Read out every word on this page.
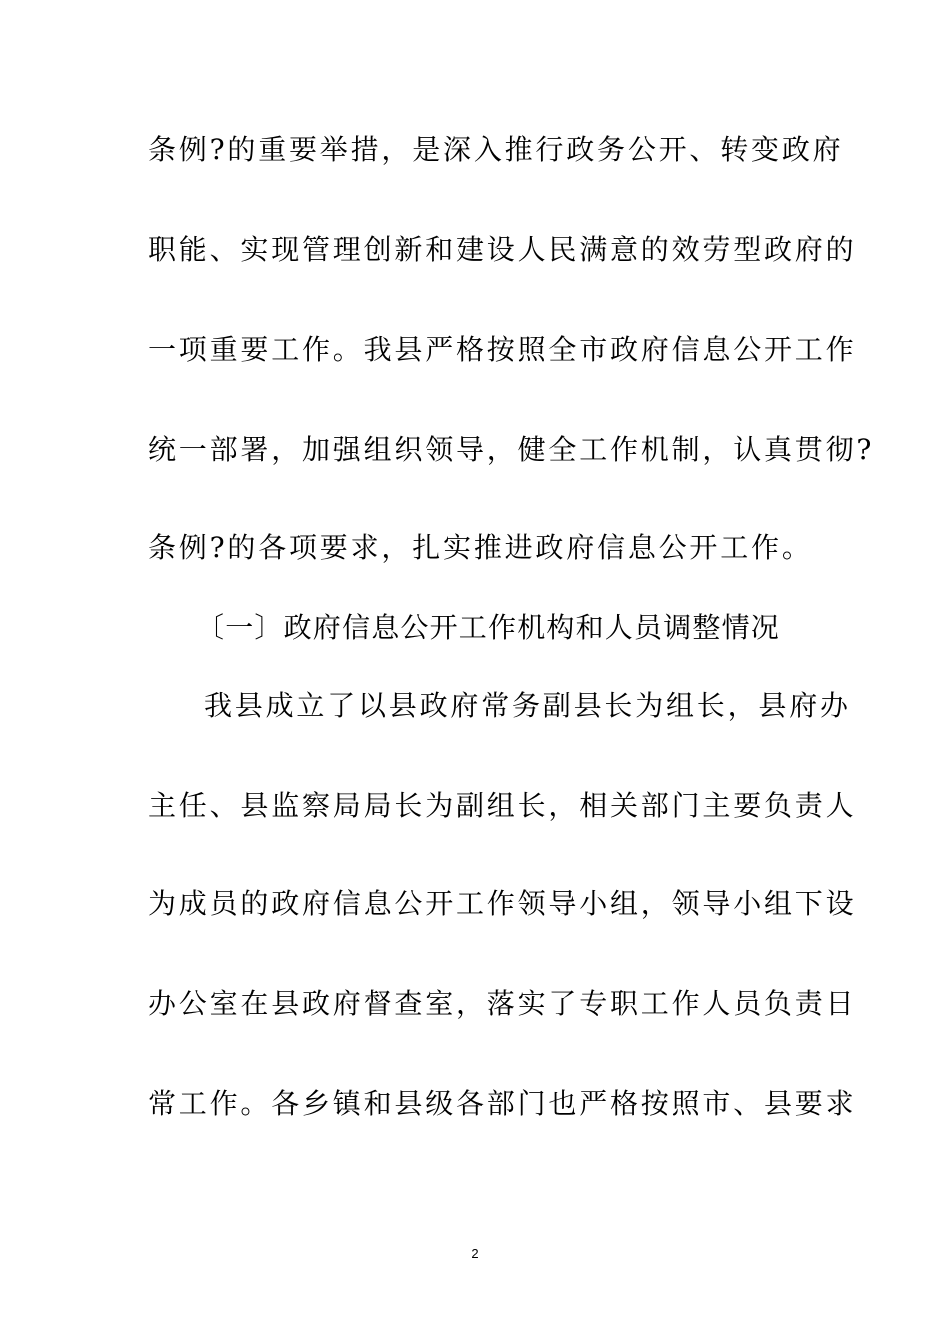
条例?的重要举措，是深入推行政务公开、转变政府
职能、实现管理创新和建设人民满意的效劳型政府的
一项重要工作。我县严格按照全市政府信息公开工作
统一部署，加强组织领导，健全工作机制，认真贯彻?
条例?的各项要求，扎实推进政府信息公开工作。
〔一〕政府信息公开工作机构和人员调整情况
我县成立了以县政府常务副县长为组长，县府办
主任、县监察局局长为副组长，相关部门主要负责人
为成员的政府信息公开工作领导小组，领导小组下设
办公室在县政府督查室，落实了专职工作人员负责日
常工作。各乡镇和县级各部门也严格按照市、县要求
2
